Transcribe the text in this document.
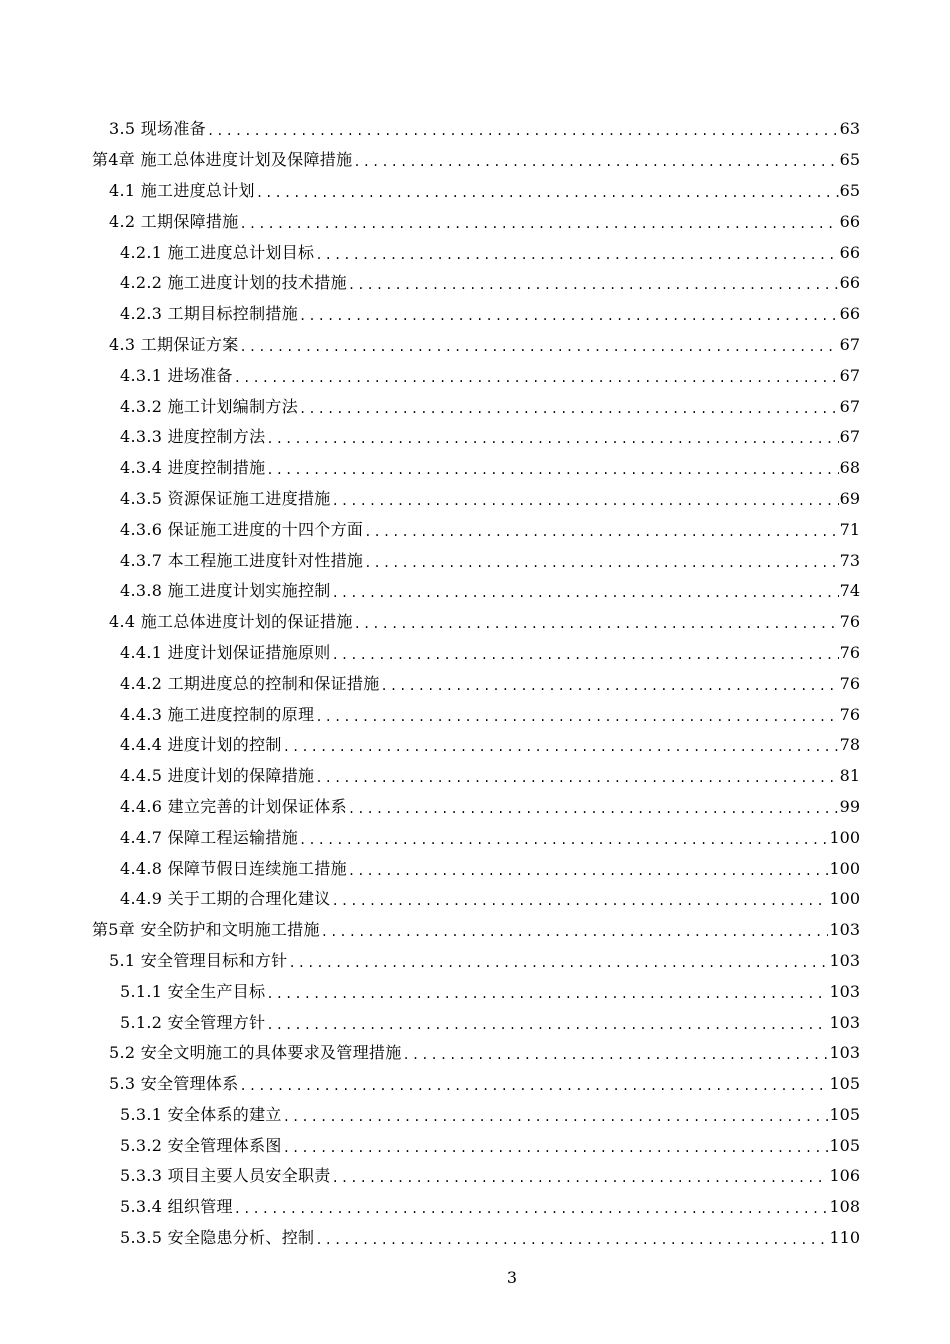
3.5 现场准备 .....	63
第4章 施工总体进度计划及保障措施 .....	65
4.1 施工进度总计划 .....	65
4.2 工期保障措施 .....	66
4.2.1 施工进度总计划目标 .....	66
4.2.2 施工进度计划的技术措施 .....	66
4.2.3 工期目标控制措施 .....	66
4.3 工期保证方案 .....	67
4.3.1 进场准备 .....	67
4.3.2 施工计划编制方法 .....	67
4.3.3 进度控制方法 .....	67
4.3.4 进度控制措施 .....	68
4.3.5 资源保证施工进度措施 .....	69
4.3.6 保证施工进度的十四个方面 .....	71
4.3.7 本工程施工进度针对性措施 .....	73
4.3.8 施工进度计划实施控制 .....	74
4.4 施工总体进度计划的保证措施 .....	76
4.4.1 进度计划保证措施原则 .....	76
4.4.2 工期进度总的控制和保证措施 .....	76
4.4.3 施工进度控制的原理 .....	76
4.4.4 进度计划的控制 .....	78
4.4.5 进度计划的保障措施 .....	81
4.4.6 建立完善的计划保证体系 .....	99
4.4.7 保障工程运输措施 .....	100
4.4.8 保障节假日连续施工措施 .....	100
4.4.9 关于工期的合理化建议 .....	100
第5章 安全防护和文明施工措施 .....	103
5.1 安全管理目标和方针 .....	103
5.1.1 安全生产目标 .....	103
5.1.2 安全管理方针 .....	103
5.2 安全文明施工的具体要求及管理措施 .....	103
5.3 安全管理体系 .....	105
5.3.1 安全体系的建立 .....	105
5.3.2 安全管理体系图 .....	105
5.3.3 项目主要人员安全职责 .....	106
5.3.4 组织管理 .....	108
5.3.5 安全隐患分析、控制 .....	110
3
